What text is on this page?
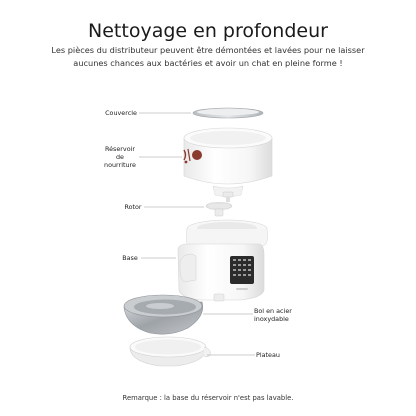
Nettoyage en profondeur

Les pièces du distributeur peuvent être démontées et lavées pour ne laisser aucunes chances aux bactéries et avoir un chat en pleine forme !

Couvercle
Réservoir de nourriture
Rotor
Base
Bol en acier inoxydable
Plateau
Remarque : la base du réservoir n'est pas lavable.
